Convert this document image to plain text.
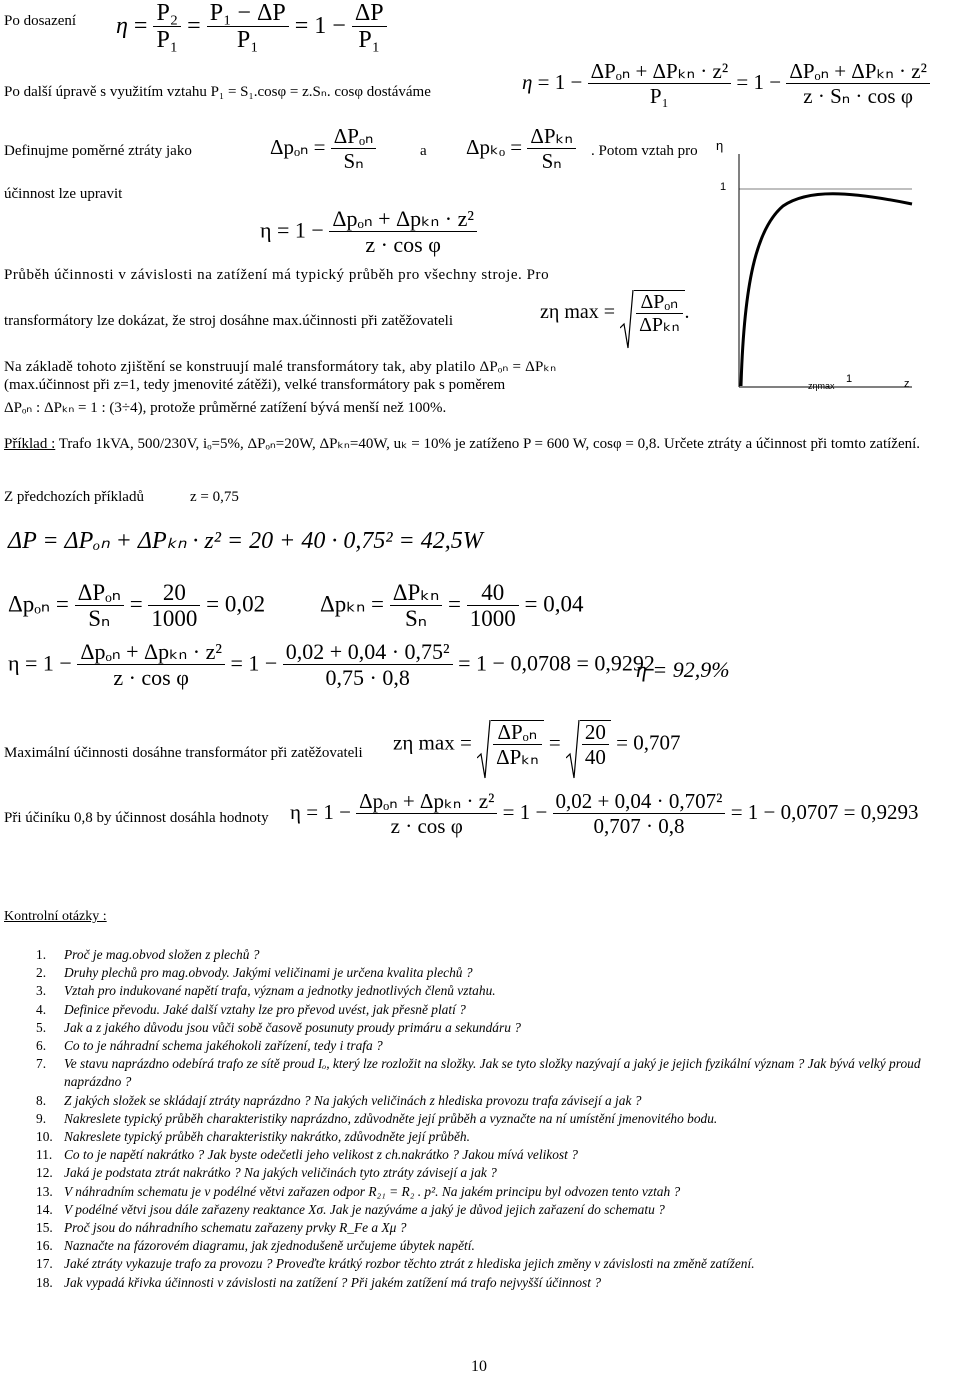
Po dosazení $\eta = \frac{\text{P₂}}{\text{P₁}} = \frac{\text{P₁ − ΔP}}{\text{P₁}} = 1 - \frac{\Delta P}{\text{P₁}}$
Po další úpravě s využitím vztahu P₁ = S₁.cosφ = z.Sₙ. cosφ dostáváme	$\eta = 1 - \frac{\text{ΔPₒₙ + ΔPₖₙ · z²}}{\text{P₁}} = 1 - \frac{\text{ΔPₒₙ + ΔPₖₙ · z²}}{\text{z · Sₙ · cos φ}}$
Definujme poměrné ztráty jako	$\Delta p_{on} = \frac{\text{ΔPₒₙ}}{\text{Sₙ}}$	a $\Delta p_{ko} = \frac{\text{ΔPₖₙ}}{\text{Sₙ}}$ . Potom vztah pro
účinnost lze upravit
$\eta = 1 - \frac{\text{Δpₒₙ + Δpₖₙ · z²}}{\text{z · cos φ}}$
Průběh účinnosti v závislosti na zatížení má typický průběh pro všechny stroje. Pro
transformátory lze dokázat, že stroj dosáhne max.účinnosti při zatěžovateli	zη $\max = \frac{\text{ΔPₒₙ}}{\text{ΔPₖₙ}}$ .
Na základě tohoto zjištění se konstruují malé transformátory tak, aby platilo ΔPₒₙ = ΔPₖₙ
(max.účinnost při z=1, tedy jmenovité zátěži), velké transformátory pak s poměrem
ΔPₒₙ : ΔPₖₙ = 1 : (3÷4), protože průměrné zatížení bývá menší než 100%.
η
1
zηmax
1	z
Příklad : Trafo 1kVA, 500/230V, iₒ=5%, ΔPₒₙ=20W, ΔPₖₙ=40W, uₖ = 10% je zatíženo P = 600 W, cosφ = 0,8. Určete ztráty a účinnost při tomto zatížení.
Z předchozích příkladů	z = 0,75
ΔP = ΔPₒₙ + ΔPₖₙ · z² = 20 + 40 · 0,75² = 42,5W
$\Delta p_{on} = \frac{\text{ΔPₒₙ}}{\text{Sₙ}} = \frac{20}{1000} = 0,02$ $\Delta p_{kn} = \frac{\text{ΔPₖₙ}}{\text{Sₙ}} = \frac{40}{1000} = 0,04$
$\eta = 1 - \frac{\text{Δpₒₙ + Δpₖₙ · z²}}{\text{z · cos φ}} = 1 - \frac{\text{0,02 + 0,04 · 0,75²}}{0,75 \cdot 0,8} = 1 - 0,0708 = 0,9292$
η = 92,9%
Maximální účinnosti dosáhne transformátor při zatěžovateli zη $\max = \frac{\text{ΔPₒₙ}}{\text{ΔPₖₙ}} = \frac{20}{40} = 0,707$
Při účiníku 0,8 by účinnost dosáhla hodnoty $\eta = 1 - \frac{\text{Δpₒₙ + Δpₖₙ · z²}}{\text{z · cos φ}} = 1 - \frac{\text{0,02 + 0,04 · 0,707²}}{0,707 \cdot 0,8} = 1 - 0,0707 = 0,9293$
Kontrolní otázky :
1. Proč je mag.obvod složen z plechů ?
2. Druhy plechů pro mag.obvody. Jakými veličinami je určena kvalita plechů ?
3. Vztah pro indukované napětí trafa, význam a jednotky jednotlivých členů vztahu.
4. Definice převodu. Jaké další vztahy lze pro převod uvést, jak přesně platí ?
5. Jak a z jakého důvodu jsou vůči sobě časově posunuty proudy primáru a sekundáru ?
6. Co to je náhradní schema jakéhokoli zařízení, tedy i trafa ?
7. Ve stavu naprázdno odebírá trafo ze sítě proud Iₒ, který lze rozložit na složky. Jak se tyto složky nazývají a jaký je jejich fyzikální význam ? Jak bývá velký proud naprázdno ?
8. Z jakých složek se skládají ztráty naprázdno ? Na jakých veličinách z hlediska provozu trafa závisejí a jak ?
9. Nakreslete typický průběh charakteristiky naprázdno, zdůvodněte její průběh a vyznačte na ní umístění jmenovitého bodu.
10. Nakreslete typický průběh charakteristiky nakrátko, zdůvodněte její průběh.
11. Co to je napětí nakrátko ? Jak byste odečetli jeho velikost z ch.nakrátko ? Jakou mívá velikost ?
12. Jaká je podstata ztrát nakrátko ? Na jakých veličinách tyto ztráty závisejí a jak ?
13. V náhradním schematu je v podélné větvi zařazen odpor R₂₁ = R₂ . p². Na jakém principu byl odvozen tento vztah ?
14. V podélné větvi jsou dále zařazeny reaktance Xσ. Jak je nazýváme a jaký je důvod jejich zařazení do schematu ?
15. Proč jsou do náhradního schematu zařazeny prvky R_Fe a Xμ ?
16. Naznačte na fázorovém diagramu, jak zjednodušeně určujeme úbytek napětí.
17. Jaké ztráty vykazuje trafo za provozu ? Proveďte krátký rozbor těchto ztrát z hlediska jejich změny v závislosti na změně zatížení.
18. Jak vypadá křivka účinnosti v závislosti na zatížení ? Při jakém zatížení má trafo nejvyšší účinnost ?
10
